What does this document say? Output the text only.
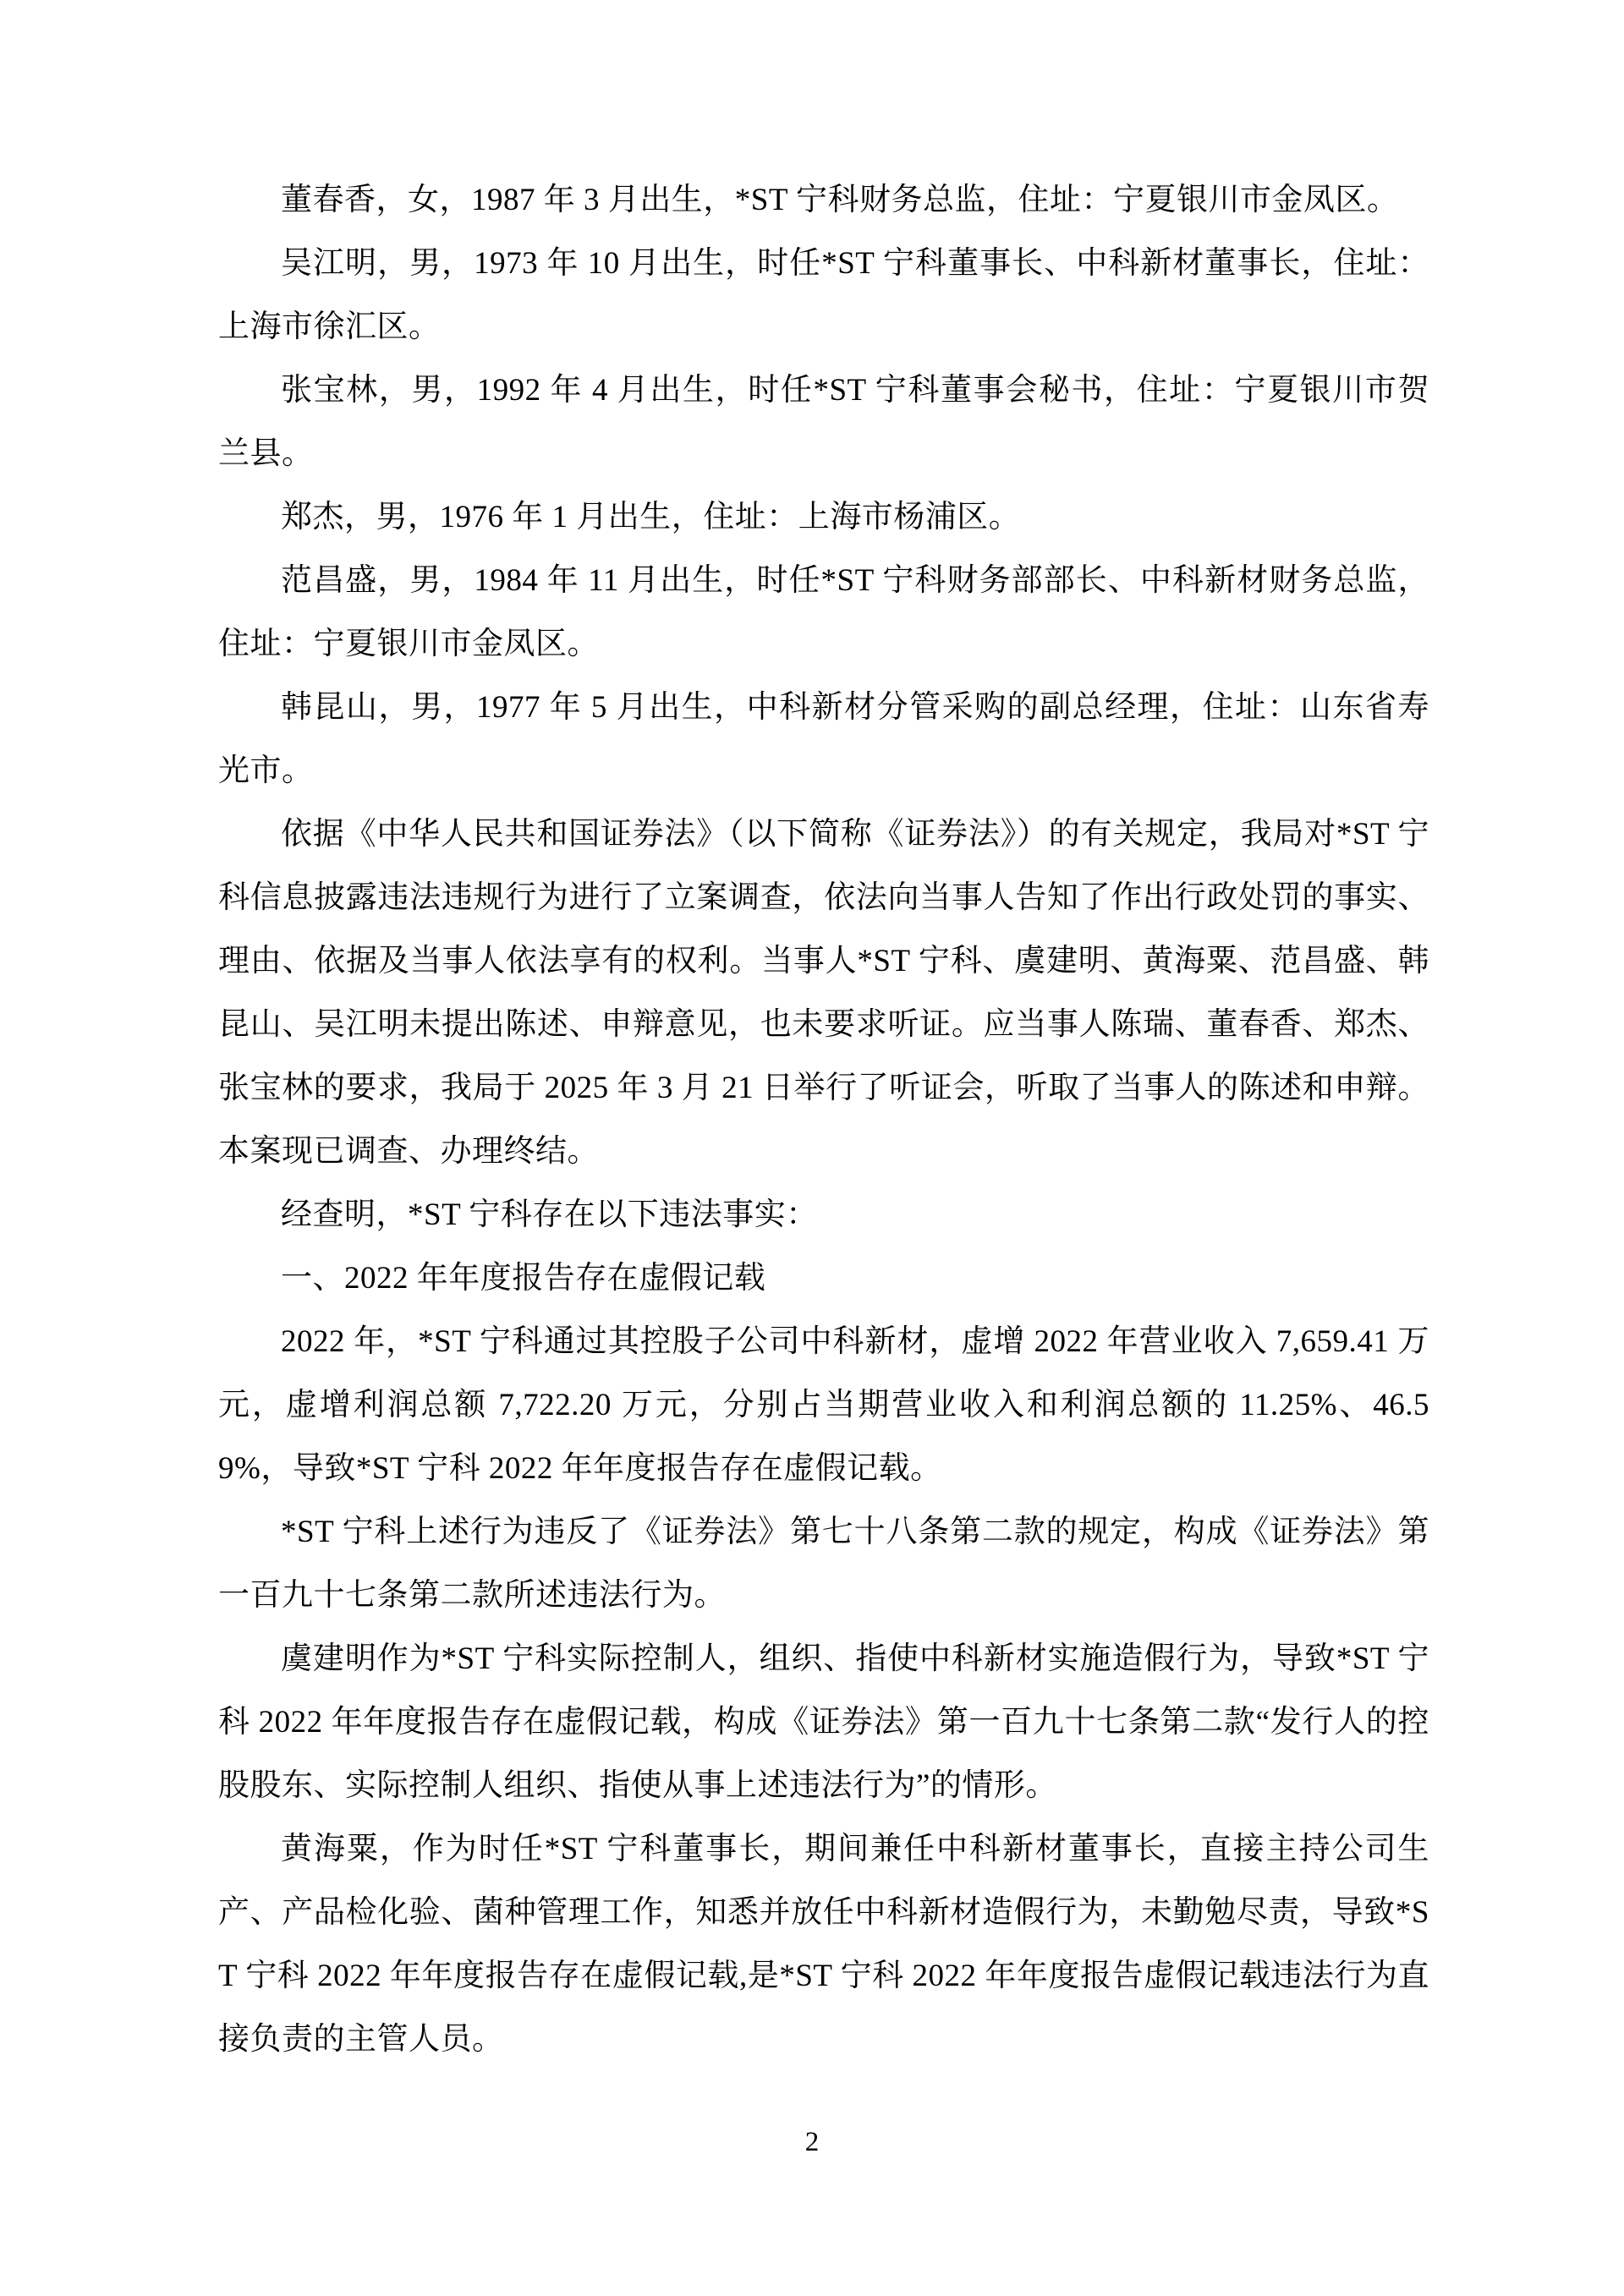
董春香，女，1987 年 3 月出生，*ST 宁科财务总监，住址：宁夏银川市金凤区。

吴江明，男，1973 年 10 月出生，时任*ST 宁科董事长、中科新材董事长，住址：上海市徐汇区。

张宝林，男，1992 年 4 月出生，时任*ST 宁科董事会秘书，住址：宁夏银川市贺兰县。

郑杰，男，1976 年 1 月出生，住址：上海市杨浦区。

范昌盛，男，1984 年 11 月出生，时任*ST 宁科财务部部长、中科新材财务总监，住址：宁夏银川市金凤区。

韩昆山，男，1977 年 5 月出生，中科新材分管采购的副总经理，住址：山东省寿光市。

依据《中华人民共和国证券法》（以下简称《证券法》）的有关规定，我局对*ST 宁科信息披露违法违规行为进行了立案调查，依法向当事人告知了作出行政处罚的事实、理由、依据及当事人依法享有的权利。当事人*ST 宁科、虞建明、黄海粟、范昌盛、韩昆山、吴江明未提出陈述、申辩意见，也未要求听证。应当事人陈瑞、董春香、郑杰、张宝林的要求，我局于 2025 年 3 月 21 日举行了听证会，听取了当事人的陈述和申辩。本案现已调查、办理终结。

经查明，*ST 宁科存在以下违法事实：

一、2022 年年度报告存在虚假记载

2022 年，*ST 宁科通过其控股子公司中科新材，虚增 2022 年营业收入 7,659.41 万元，虚增利润总额 7,722.20 万元，分别占当期营业收入和利润总额的 11.25%、46.59%，导致*ST 宁科 2022 年年度报告存在虚假记载。

*ST 宁科上述行为违反了《证券法》第七十八条第二款的规定，构成《证券法》第一百九十七条第二款所述违法行为。

虞建明作为*ST 宁科实际控制人，组织、指使中科新材实施造假行为，导致*ST 宁科 2022 年年度报告存在虚假记载，构成《证券法》第一百九十七条第二款“发行人的控股股东、实际控制人组织、指使从事上述违法行为”的情形。

黄海粟，作为时任*ST 宁科董事长，期间兼任中科新材董事长，直接主持公司生产、产品检化验、菌种管理工作，知悉并放任中科新材造假行为，未勤勉尽责，导致*ST 宁科 2022 年年度报告存在虚假记载,是*ST 宁科 2022 年年度报告虚假记载违法行为直接负责的主管人员。

2
